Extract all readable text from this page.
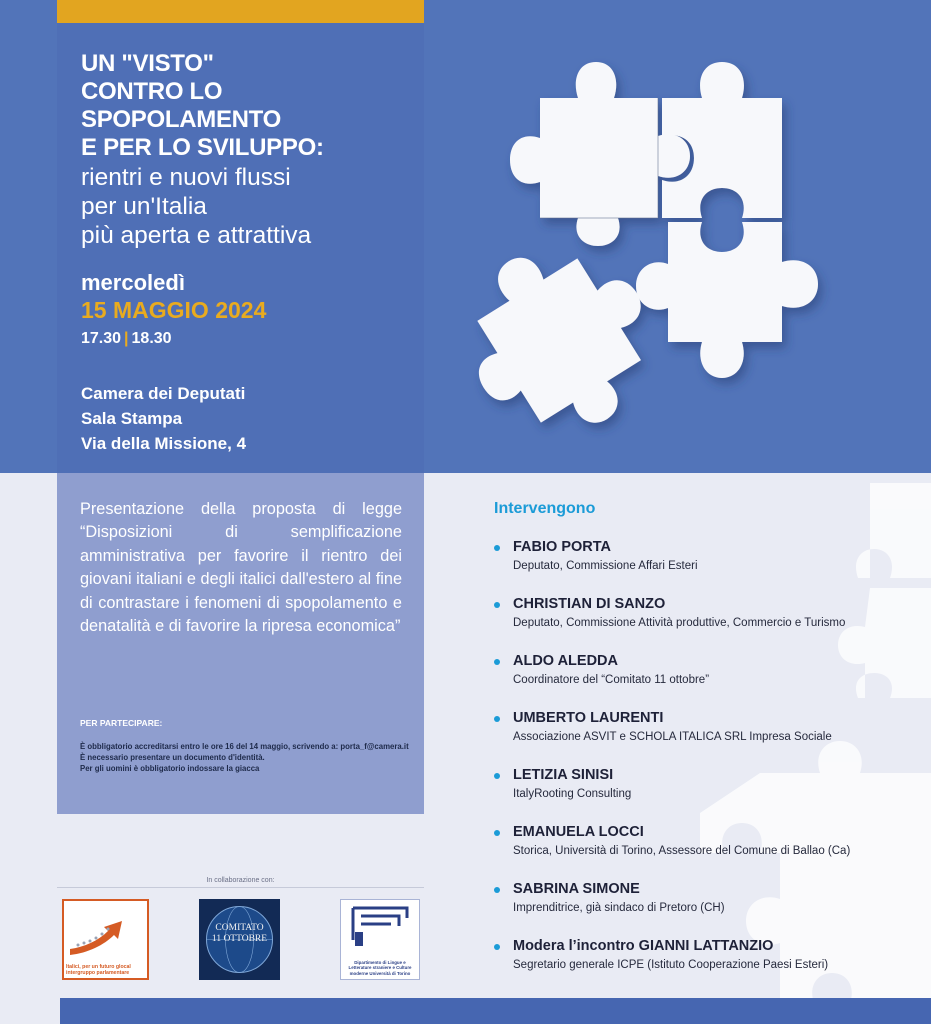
UN "VISTO"
CONTRO LO SPOPOLAMENTO
E PER LO SVILUPPO:
rientri e nuovi flussi
per un'Italia
più aperta e attrattiva
mercoledì
15 MAGGIO 2024
17.30 | 18.30
Camera dei Deputati
Sala Stampa
Via della Missione, 4
Presentazione della proposta di legge “Disposizioni di semplificazione amministrativa per favorire il rientro dei giovani italiani e degli italici dall'estero al fine di contrastare i fenomeni di spopolamento e denatalità e di favorire la ripresa economica”
PER PARTECIPARE:
È obbligatorio accreditarsi entro le ore 16 del 14 maggio, scrivendo a: porta_f@camera.it
È necessario presentare un documento d'identità.
Per gli uomini è obbligatorio indossare la giacca
In collaborazione con:
Italici, per un futuro glocal intergruppo parlamentare
COMITATO
11 OTTOBRE
Dipartimento di Lingue e Letterature straniere e Culture moderne Università di Torino
Intervengono
FABIO PORTA
Deputato, Commissione Affari Esteri
CHRISTIAN DI SANZO
Deputato, Commissione Attività produttive, Commercio e Turismo
ALDO ALEDDA
Coordinatore del “Comitato 11 ottobre”
UMBERTO LAURENTI
Associazione ASVIT e SCHOLA ITALICA SRL Impresa Sociale
LETIZIA SINISI
ItalyRooting Consulting
EMANUELA LOCCI
Storica, Università di Torino, Assessore del Comune di Ballao (Ca)
SABRINA SIMONE
Imprenditrice, già sindaco di Pretoro (CH)
Modera l’incontro GIANNI LATTANZIO
Segretario generale ICPE (Istituto Cooperazione Paesi Esteri)
